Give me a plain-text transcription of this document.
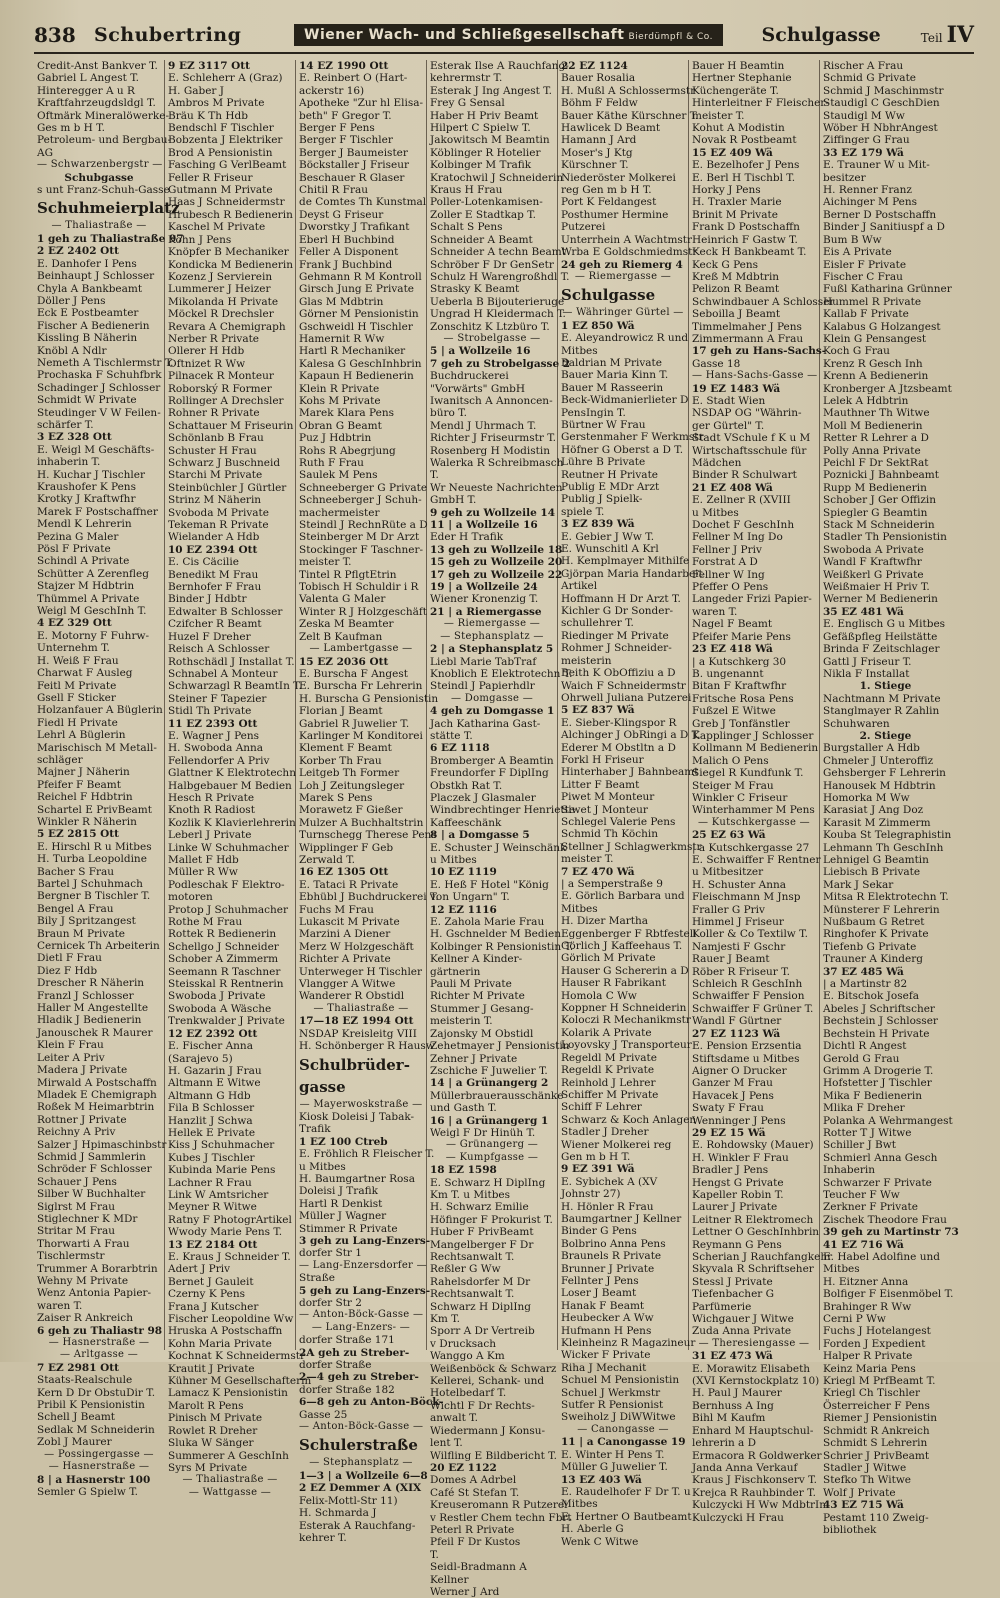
838 Schubertring	Wiener Wach- und Schließgesellschaft Bierdümpfl & Co.	Schulgasse	Teil IV
Credit-Anst Bankver T.
Gabriel L Angest T.
Hinteregger A u R
Kraftfahrzeugdsldgl T.
Oftmärk Mineralöwerke-
Ges m b H T.
Petroleum- und Bergbau-
AG
— Schwarzenbergstr —
Schubgasse
s unt Franz-Schuh-Gasse
Schuhmeierplatz
— Thaliastraße —
1 geh zu Thaliastraße 97
2 EZ 2402 Ott
E. Danhofer I Pens
Beinhaupt J Schlosser
Chyla A Bankbeamt
Döller J Pens
Eck E Postbeamter
Fischer A Bedienerin
Kissling B Näherin
Knöbl A Ndlr
Nemeth A Tischlermstr T.
Prochaska F Schuhfbrk
Schadinger J Schlosser
Schmidt W Private
Steudinger V W Feilen-
schärfer T.
3 EZ 328 Ott
E. Weigl M Geschäfts-
inhaberin T.
H. Kuchar J Tischler
Kraushofer K Pens
Krotky J Kraftwfhr
Marek F Postschaffner
Mendl K Lehrerin
Pezina G Maler
Pösl F Private
Schindl A Private
Schütter A Zerenfleg
Stajzer M Hdbtrin
Thümmel A Private
Weigl M GeschInh T.
4 EZ 329 Ott
E. Motorny F Fuhrw-
Unternehm T.
H. Weiß F Frau
Charwat F Ausleg
Feitl M Private
Gsell F Sticker
Holzanfauer A Büglerin
Fiedl H Private
Lehrl A Büglerin
Marischisch M Metall-
schläger
Majner J Näherin
Pfeifer F Beamt
Reichel F Hdbtrin
Schartel E PrivBeamt
Winkler R Näherin
5 EZ 2815 Ott
E. Hirschl R u Mitbes
H. Turba Leopoldine
Bacher S Frau
Bartel J Schuhmach
Bergner B Tischler T.
Bengel A Frau
Bily J Spritzangest
Braun M Private
Cernicek Th Arbeiterin
Dietl F Frau
Diez F Hdb
Drescher R Näherin
Franzl J Schlosser
Haller M Angestellte
Hladik J Bedienerin
Janouschek R Maurer
Klein F Frau
Leiter A Priv
Madera J Private
Mirwald A Postschaffn
Mladek E Chemigraph
Roßek M Heimarbtrin
Rottner J Private
Reichny A Priv
Salzer J Hpimaschinbstr
Schmid J Sammlerin
Schröder F Schlosser
Schauer J Pens
Silber W Buchhalter
Siglrst M Frau
Stiglechner K MDr
Stritar M Frau
Thorwarti A Frau
Tischlermstr
Trummer A Borarbtrin
Wehny M Private
Wenz Antonia Papier-
waren T.
Zaiser R Ankreich
6 geh zu Thaliastr 98
— Hasnerstraße —
— Arltgasse —
7 EZ 2981 Ott
Staats-Realschule
Kern D Dr ObstuDir T.
Pribil K Pensionistin
Schell J Beamt
Sedlak M Schneiderin
Zobl J Maurer
— Possingergasse —
— Hasnerstraße —
8 | a Hasnerstr 100
Semler G Spielw T.
9 EZ 3117 Ott
E. Schleherr A (Graz)
H. Gaber J
Ambros M Private
Bräu K Th Hdb
Bendschl F Tischler
Bobzenta J Elektriker
Brod A Pensionistin
Fasching G VerlBeamt
Feller R Friseur
Gutmann M Private
Haas J Schneidermstr
Hrubesch R Bedienerin
Kaschel M Private
Kohn J Pens
Knöpfer B Mechaniker
Kondicka M Bedienerin
Kozenz J Servierein
Lummerer J Heizer
Mikolanda H Private
Möckel R Drechsler
Revara A Chemigraph
Nerber R Private
Ollerer H Hdb
Oftnizet R Ww
Pilnacek R Monteur
Roborský R Former
Rollinger A Drechsler
Rohner R Private
Schattauer M Friseurin
Schönlanb B Frau
Schuster H Frau
Schwarz J Buschneid
Starchi M Private
Steinbüchler J Gürtler
Strinz M Näherin
Svoboda M Private
Tekeman R Private
Wielander A Hdb
10 EZ 2394 Ott
E. Cis Cäcilie
Benedikt M Frau
Bernhofer F Frau
Binder J Hdbtr
Edwalter B Schlosser
Czifcher R Beamt
Huzel F Dreher
Reisch A Schlosser
Rothschädl J Installat T.
Schnabel A Monteur
Schwarzagl R BeamtIn T.
Steiner F Tapezier
Stidl Th Private
11 EZ 2393 Ott
E. Wagner J Pens
H. Swoboda Anna
Fellendorfer A Priv
Glattner K Elektrotechn
Halbgebauer M Bedien
Hesch R Private
Knoth R Radiost
Kozlik K Klavierlehrerin
Leberl J Private
Linke W Schuhmacher
Mallet F Hdb
Müller R Ww
Podleschak F Elektro-
motoren
Protop J Schuhmacher
Rothe M Frau
Rottek R Bedienerin
Schellgo J Schneider
Schober A Zimmerm
Seemann R Taschner
Steisskal R Rentnerin
Swoboda J Private
Swoboda A Wäsche
Trenkwalder J Private
12 EZ 2392 Ott
E. Fischer Anna
(Sarajevo 5)
H. Gazarin J Frau
Altmann E Witwe
Altmann G Hdb
Fila B Schlosser
Hanzlit J Schwa
Hellek E Private
Kiss J Schuhmacher
Kubes J Tischler
Kubinda Marie Pens
Lachner R Frau
Link W Amtsricher
Meyner R Witwe
Ratny F PhotogrArtikel
Wwody Marie Pens T.
13 EZ 2184 Ott
E. Kraus J Schneider T.
Adert J Priv
Bernet J Gauleit
Czerny K Pens
Frana J Kutscher
Fischer Leopoldine Ww
Hruska A Postschaffn
Kohn Maria Private
Kochnat K Schneidermstr
Krautit J Private
Kühner M Gesellschafterin
Lamacz K Pensionistin
Marolt R Pens
Pinisch M Private
Rowlet R Dreher
Sluka W Sänger
Summerer A GeschInh
Syrs M Private
— Thaliastraße —
— Wattgasse —
14 EZ 1990 Ott
E. Reinbert O (Hart-
ackerstr 16)
Apotheke "Zur hl Elisa-
beth" F Gregor T.
Berger F Pens
Berger F Tischler
Berger J Baumeister
Böckstaller J Friseur
Beschauer R Glaser
Chitil R Frau
de Comtes Th Kunstmal
Deyst G Friseur
Dworstky J Trafikant
Eberl H Buchbind
Feller A Disponent
Frank J Buchbind
Gehmann R M Kontroll
Girsch Jung E Private
Glas M Mdbtrin
Görner M Pensionistin
Gschweidl H Tischler
Hamernit R Ww
Hartl R Mechaniker
Kalesa G GeschInhbrin
Kapaun H Bedienerin
Klein R Private
Kohs M Private
Marek Klara Pens
Obran G Beamt
Puz J Hdbtrin
Rohs R Abegrjung
Ruth F Frau
Saulek M Pens
Schneeberger G Private
Schneeberger J Schuh-
machermeister
Steindl J RechnRüte a D
Steinberger M Dr Arzt
Stockinger F Taschner-
meister T.
Tintel R PflgtEtrin
Tobisch H Schuldir i R
Valenta G Maler
Winter R J Holzgeschäft
Zeska M Beamter
Zelt B Kaufman
— Lambertgasse —
15 EZ 2036 Ott
E. Burscha F Angest
E. Burscha Fr Lehrerin
H. Burscha G Pensionistin
Florian J Beamt
Gabriel R Juwelier T.
Karlinger M Konditorei
Klement F Beamt
Korber Th Frau
Leitgeb Th Former
Loh J Zeitungsleger
Marek S Pens
Morawetz F Gießer
Mulzer A Buchhaltstrin
Turnschegg Therese Pens
Wipplinger F Geb
Zerwald T.
16 EZ 1305 Ott
E. Tataci R Private
Ebhübl J Buchdruckerei T.
Fuchs M Frau
Lukascit M Private
Marzini A Diener
Merz W Holzgeschäft
Richter A Private
Unterweger H Tischler
Vlangger A Witwe
Wanderer R Obstidl
— Thaliastraße —
17—18 EZ 1994 Ott
NSDAP Kreisleitg VIII
H. Schönberger R Hausw
Schulbrüder-
gasse
— Mayerwoskstraße —
Kiosk Doleisi J Tabak-
Trafik
1 EZ 100 Ctreb
E. Fröhlich R Fleischer T.
u Mitbes
H. Baumgartner Rosa
Doleisi J Trafik
Hartl R Denkist
Müller J Wagner
Stimmer R Private
3 geh zu Lang-Enzers-
dorfer Str 1
— Lang-Enzersdorfer —
Straße
5 geh zu Lang-Enzers-
dorfer Str 2
— Anton-Böck-Gasse —
— Lang-Enzers- —
dorfer Straße 171
2A geh zu Streber-
dorfer Straße
2—4 geh zu Streber-
dorfer Straße 182
6—8 geh zu Anton-Böck-
Gasse 25
— Anton-Böck-Gasse —
Schulerstraße
— Stephansplatz —
1—3 | a Wollzeile 6—8
2 EZ Demmer A (XIX
Felix-Mottl-Str 11)
H. Schmarda J
Esterak A Rauchfang-
kehrer T.
Esterak Ilse A Rauchfang-
kehrermstr T.
Esterak J Ing Angest T.
Frey G Sensal
Haber H Priv Beamt
Hilpert C Spielw T.
Jakowitsch M Beamtin
Köblinger R Hotelier
Kolbinger M Trafik
Kratochwil J Schneiderin
Kraus H Frau
Poller-Lotenkamisen-
Zoller E Stadtkap T.
Schalt S Pens
Schneider A Beamt
Schneider A techn Beamt
Schröber F Dr GenSetr
Schulz H Warengroßhdl T.
Strasky K Beamt
Ueberla B Bijouterieruge
Ungrad H Kleidermach T.
Zonschitz K Ltzbüro T.
— Strobelgasse —
5 | a Wollzeile 16
7 geh zu Strobelgasse 2
Buchdruckerei
"Vorwärts" GmbH
Iwanitsch A Annoncen-
büro T.
Mendl J Uhrmach T.
Richter J Friseurmstr T.
Rosenberg H Modistin
Walerka R Schreibmasch
T.
Wr Neueste Nachrichten
GmbH T.
9 geh zu Wollzeile 14
11 | a Wollzeile 16
Eder H Trafik
13 geh zu Wollzeile 18
15 geh zu Wollzeile 20
17 geh zu Wollzeile 22
19 | a Wollzeile 24
Wiener Kronenzig T.
21 | a Riemergasse
— Riemergasse —
— Stephansplatz —
2 | a Stephansplatz 5
Liebl Marie TabTraf
Knoblich E Elektrotechn T.
Steindl J Papierhdlr
— Domgasse —
4 geh zu Domgasse 1
Jach Katharina Gast-
stätte T.
6 EZ 1118
Bromberger A Beamtin
Freundorfer F DiplIng
Obstkh Rat T.
Placzek J Glasmaler
Windbrechtinger Henriette
Kaffeeschänk
8 | a Domgasse 5
E. Schuster J Weinschänk
u Mitbes
10 EZ 1119
E. Heß F Hotel "König
von Ungarn" T.
12 EZ 1116
E. Zahola Marie Frau
H. Gschnelder M Bedien
Kolbinger R Pensionistin T.
Kellner A Kinder-
gärtnerin
Pauli M Private
Richter M Private
Stummer J Gesang-
meisterin T.
Zajonsky M Obstidl
Zehetmayer J Pensionistin
Zehner J Private
Zschiche F Juwelier T.
14 | a Grünangerg 2
Müllerbrauerausschänke
und Gasth T.
16 | a Grünangerg 1
Weigl F Dr Hinüh T.
— Grünangerg —
— Kumpfgasse —
18 EZ 1598
E. Schwarz H DiplIng
Km T. u Mitbes
H. Schwarz Emilie
Höfinger F Prokurist T.
Huber F PrivBeamt
Mangelberger F Dr
Rechtsanwalt T.
Reßler G Ww
Rahelsdorfer M Dr
Rechtsanwalt T.
Schwarz H DiplIng
Km T.
Sporr A Dr Vertreib
v Drucksach
Wanggo A Km
Weißenböck & Schwarz
Kellerei, Schank- und
Hotelbedarf T.
Wichtl F Dr Rechts-
anwalt T.
Wiedermann J Konsu-
lent T.
Wilfling E Bildbericht T.
20 EZ 1122
Domes A Adrbel
Café St Stefan T.
Kreuseromann R Putzerei
v Restler Chem techn Fbrt
Peterl R Private
Pfeil F Dr Kustos
T.
Seidl-Bradmann A
Kellner
Werner J Ard
22 EZ 1124
Bauer Rosalia
H. Mußl A Schlossermstr
Böhm F Feldw
Bauer Käthe Kürschner T.
Hawlicek D Beamt
Hamann J Ard
Moser's J Ktg
Kürschner T.
Niederöster Molkerei
reg Gen m b H T.
Port K Feldangest
Posthumer Hermine
Putzerei
Unterrhein A Wachtmstr
Wrba E Goldschmiedmstr
24 geh zu Riemerg 4
— Riemergasse —
Schulgasse
— Währinger Gürtel —
1 EZ 850 Wä
E. Aleyandrowicz R und
Mitbes
Baldrian M Private
Bauer Maria Kinn T.
Bauer M Rasseerin
Beck-Widmanierlieter D
PensIngin T.
Bürtner W Frau
Gerstenmaher F Werkmstr
Höfner G Oberst a D T.
Lühre B Private
Reutner H Private
Publig E MDr Arzt
Publig J Spielk-
spiele T.
3 EZ 839 Wä
E. Gebier J Ww T.
E. Wunschitl A Krl
H. Kemplmayer Mithilfe
Gjörpan Maria Handarbeit
Artikel
Hoffmann H Dr Arzt T.
Kichler G Dr Sonder-
schullehrer T.
Riedinger M Private
Rohmer J Schneider-
meisterin
Beith K ObOffiziu a D
Waich F Schneidermstr
Ohrwell Juliana Putzerei
5 EZ 837 Wä
E. Sieber-Klingspor R
Alchinger J ObRingi a D T.
Ederer M Obstltn a D
Forkl H Friseur
Hinterhaber J Bahnbeamt
Litter F Beamt
Piwet M Monteur
Siwet J Monteur
Schlegel Valerie Pens
Schmid Th Köchin
Stellner J Schlagwerkmstr
meister T.
7 EZ 470 Wä
| a Semperstraße 9
E. Görlich Barbara und
Mitbes
H. Dizer Martha
Eggenberger F Rbtfestell
Görlich J Kaffeehaus T.
Görlich M Private
Hauser G Schererin a D
Hauser R Fabrikant
Homola C Ww
Koppner H Schneiderin
Koloczi R Mechanikmstr
Kolarik A Private
Loyovsky J Transporteur
Regeldl M Private
Regeldl K Private
Reinhold J Lehrer
Schiffer M Private
Schiff F Lehrer
Schwarz & Koch Anlagen
Stadler J Dreher
Wiener Molkerei reg
Gen m b H T.
9 EZ 391 Wä
E. Sybichek A (XV
Johnstr 27)
H. Hönler R Frau
Baumgartner J Kellner
Binder G Pens
Bolbrino Anna Pens
Braunels R Private
Brunner J Private
Fellnter J Pens
Loser J Beamt
Hanak F Beamt
Heubecker A Ww
Hufmann H Pens
Kleinheinz R Magazineur
Wicker F Private
Riha J Mechanit
Schuel M Pensionistin
Schuel J Werkmstr
Sutfer R Pensionist
Sweiholz J DiWWitwe
— Canongasse —
11 | a Canongasse 19
E. Winter H Pens T.
Müller G Juwelier T.
13 EZ 403 Wä
E. Raudelhofer F Dr T. u
Mitbes
E. Hertner O Bautbeamt
H. Aberle G
Wenk C Witwe
Bauer H Beamtin
Hertner Stephanie
Küchengeräte T.
Hinterleitner F Fleischer-
meister T.
Kohut A Modistin
Novak R Postbeamt
15 EZ 409 Wä
E. Bezelhofer J Pens
E. Berl H Tischbl T.
Horky J Pens
H. Traxler Marie
Brinit M Private
Frank D Postschaffn
Heinrich F Gastw T.
Keck H Bankbeamt T.
Keck G Pens
Kreß M Mdbtrin
Pelizon R Beamt
Schwindbauer A Schlosser
Seboilla J Beamt
Timmelmaher J Pens
Zimmermann A Frau
17 geh zu Hans-Sachs-
Gasse 18
— Hans-Sachs-Gasse —
19 EZ 1483 Wä
E. Stadt Wien
NSDAP OG "Währin-
ger Gürtel" T.
Stadt VSchule f K u M
Wirtschaftsschule für
Mädchen
Binder R Schulwart
21 EZ 408 Wä
E. Zellner R (XVIII
u Mitbes
Dochet F GeschInh
Fellner M Ing Do
Fellner J Priv
Forstrat A D
Fellner W Ing
Pfeffer O Pens
Langeder Frizi Papier-
waren T.
Nagel F Beamt
Pfeifer Marie Pens
23 EZ 418 Wä
| a Kutschkerg 30
B. ungenannt
Bitan F Kraftwfhr
Fritsche Rosa Pens
Fußzel E Witwe
Greb J Tonfänstler
Kapplinger J Schlosser
Kollmann M Bedienerin
Malich O Pens
Siegel R Kundfunk T.
Steiger M Frau
Winkler C Friseur
Winterhammer M Pens
— Kutschkergasse —
25 EZ 63 Wä
| a Kutschkergasse 27
E. Schwaiffer F Rentner
u Mitbesitzer
H. Schuster Anna
Fleischmann M Jnsp
Fraller G Priv
Himmel J Friseur
Koller & Co Textilw T.
Namjesti F Gschr
Rauer J Beamt
Röber R Friseur T.
Schleich R GeschInh
Schwaiffer F Pension
Schwaiffer F Grüner T.
Wandl F Gürtner
27 EZ 1123 Wä
E. Pension Erzsentia
Stiftsdame u Mitbes
Aigner O Drucker
Ganzer M Frau
Havacek J Pens
Swaty F Frau
Wenninger J Pens
29 EZ 15 Wä
E. Rohdowsky (Mauer)
H. Winkler F Frau
Bradler J Pens
Hengst G Private
Kapeller Robin T.
Laurer J Private
Leitner R Elektromech
Lettner O GeschInhbrin
Reymann G Pens
Scherian J Rauchfangkehr
Skyvala R Schriftseher
Stessl J Private
Tiefenbacher G
Parfümerie
Wichgauer J Witwe
Zuda Anna Private
— Theresiengasse —
31 EZ 473 Wä
E. Morawitz Elisabeth
(XVI Kernstockplatz 10)
H. Paul J Maurer
Bernhuss A Ing
Bihl M Kaufm
Enhard M Hauptschul-
lehrerin a D
Ermacora R Goldwerker
Janda Anna Verkauf
Kraus J Fischkonserv T.
Krejca R Rauhbinder T.
Kulczycki H Ww MdbtrIn
Kulczycki H Frau
Rischer A Frau
Schmid G Private
Schmid J Maschinmstr
Staudigl C GeschDien
Staudigl M Ww
Wöber H NbhrAngest
Ziffinger G Frau
33 EZ 179 Wä
E. Trauner W u Mit-
besitzer
H. Renner Franz
Aichinger M Pens
Berner D Postschaffn
Binder J Sanitiuspf a D
Bum B Ww
Eis A Private
Eisler F Private
Fischer C Frau
Fußl Katharina Grünner
Hummel R Private
Kallab F Private
Kalabus G Holzangest
Klein G Pensangest
Koch G Frau
Krenz R Gesch Inh
Krenn A Bedienerin
Kronberger A Jtzsbeamt
Lelek A Hdbtrin
Mauthner Th Witwe
Moll M Bedienerin
Retter R Lehrer a D
Polly Anna Private
Peichl F Dr SektRat
Poznicki J Bahnbeamt
Rupp M Bedienerin
Schober J Ger Offizin
Spiegler G Beamtin
Stack M Schneiderin
Stadler Th Pensionistin
Swoboda A Private
Wandl F Kraftwfhr
Weißkerl G Private
Weißmaier H Priv T.
Werner M Bedienerin
35 EZ 481 Wä
E. Englisch G u Mitbes
Gefäßpfleg Heilstätte
Brinda F Zeitschlager
Gattl J Friseur T.
Nikla F Installat
1. Stiege
Nachtmann M Private
Stanglmayer R Zahlin
Schuhwaren
2. Stiege
Burgstaller A Hdb
Chmeler J Unteroffiz
Gehsberger F Lehrerin
Hanousek M Hdbtrin
Homorka M Ww
Karasiat J Ang Doz
Karasit M Zimmerm
Kouba St Telegraphistin
Lehmann Th GeschInh
Lehnigel G Beamtin
Liebisch B Private
Mark J Sekar
Mitsa R Elektrotechn T.
Münsterer F Lehrerin
Nußbaum G Retret
Ringhofer K Private
Tiefenb G Private
Trauner A Kinderg
37 EZ 485 Wä
| a Martinstr 82
E. Bitschok Josefa
Abeles J Schriftscher
Bechstein J Schlosser
Bechstein H Private
Dichtl R Angest
Gerold G Frau
Grimm A Drogerie T.
Hofstetter J Tischler
Mika F Bedienerin
Mlika F Dreher
Polanka A Wehrmangest
Rotter T J Witwe
Schiller J Bwt
Schmierl Anna Gesch
Inhaberin
Schwarzer F Private
Teucher F Ww
Zerkner F Private
Zischek Theodore Frau
39 geh zu Martinstr 73
41 EZ 716 Wä
E. Habel Adolfine und
Mitbes
H. Eitzner Anna
Bolfiger F Eisenmöbel T.
Brahinger R Ww
Cerni P Ww
Fuchs J Hotelangest
Forden J Expedient
Halper R Private
Keinz Maria Pens
Kriegl M PrfBeamt T.
Kriegl Ch Tischler
Österreicher F Pens
Riemer J Pensionistin
Schmidt R Ankreich
Schmidt S Lehrerin
Schrier J PrivBeamt
Stadler J Witwe
Stefko Th Witwe
Wolf J Private
43 EZ 715 Wä
Pestamt 110 Zweig-
bibliothek
